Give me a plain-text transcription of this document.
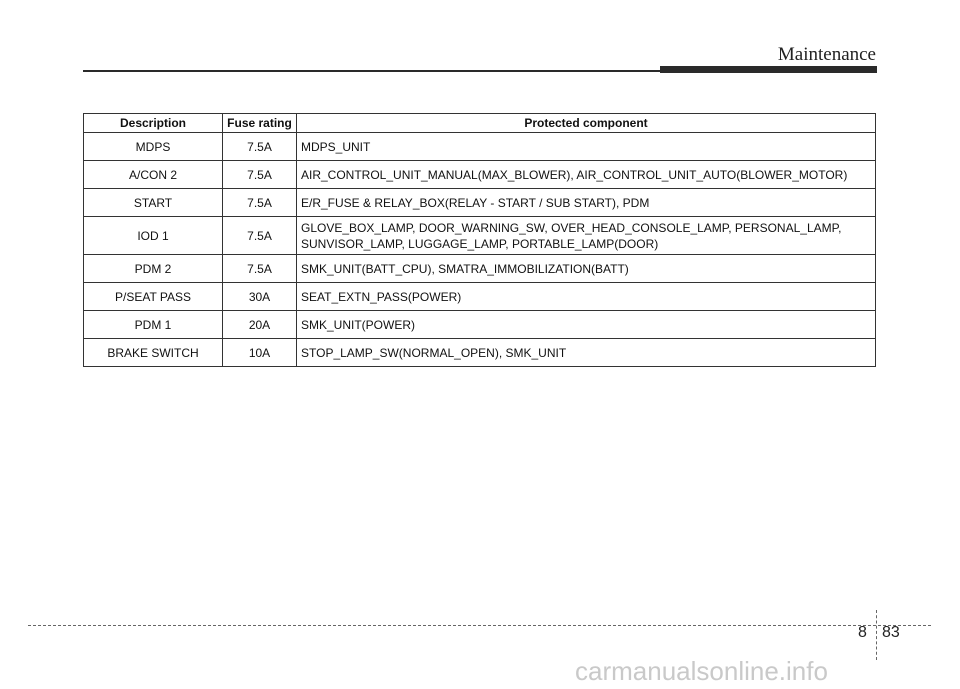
Maintenance
Description	Fuse rating	Protected component
MDPS	7.5A	MDPS_UNIT
A/CON 2	7.5A	AIR_CONTROL_UNIT_MANUAL(MAX_BLOWER), AIR_CONTROL_UNIT_AUTO(BLOWER_MOTOR)
START	7.5A	E/R_FUSE & RELAY_BOX(RELAY - START / SUB START), PDM
IOD 1	7.5A	GLOVE_BOX_LAMP, DOOR_WARNING_SW, OVER_HEAD_CONSOLE_LAMP, PERSONAL_LAMP,
SUNVISOR_LAMP, LUGGAGE_LAMP, PORTABLE_LAMP(DOOR)

PDM 2	7.5A	SMK_UNIT(BATT_CPU), SMATRA_IMMOBILIZATION(BATT)
P/SEAT PASS	30A	SEAT_EXTN_PASS(POWER)
PDM 1	20A	SMK_UNIT(POWER)
BRAKE SWITCH	10A	STOP_LAMP_SW(NORMAL_OPEN), SMK_UNIT
8 83
carmanualsonline.info
